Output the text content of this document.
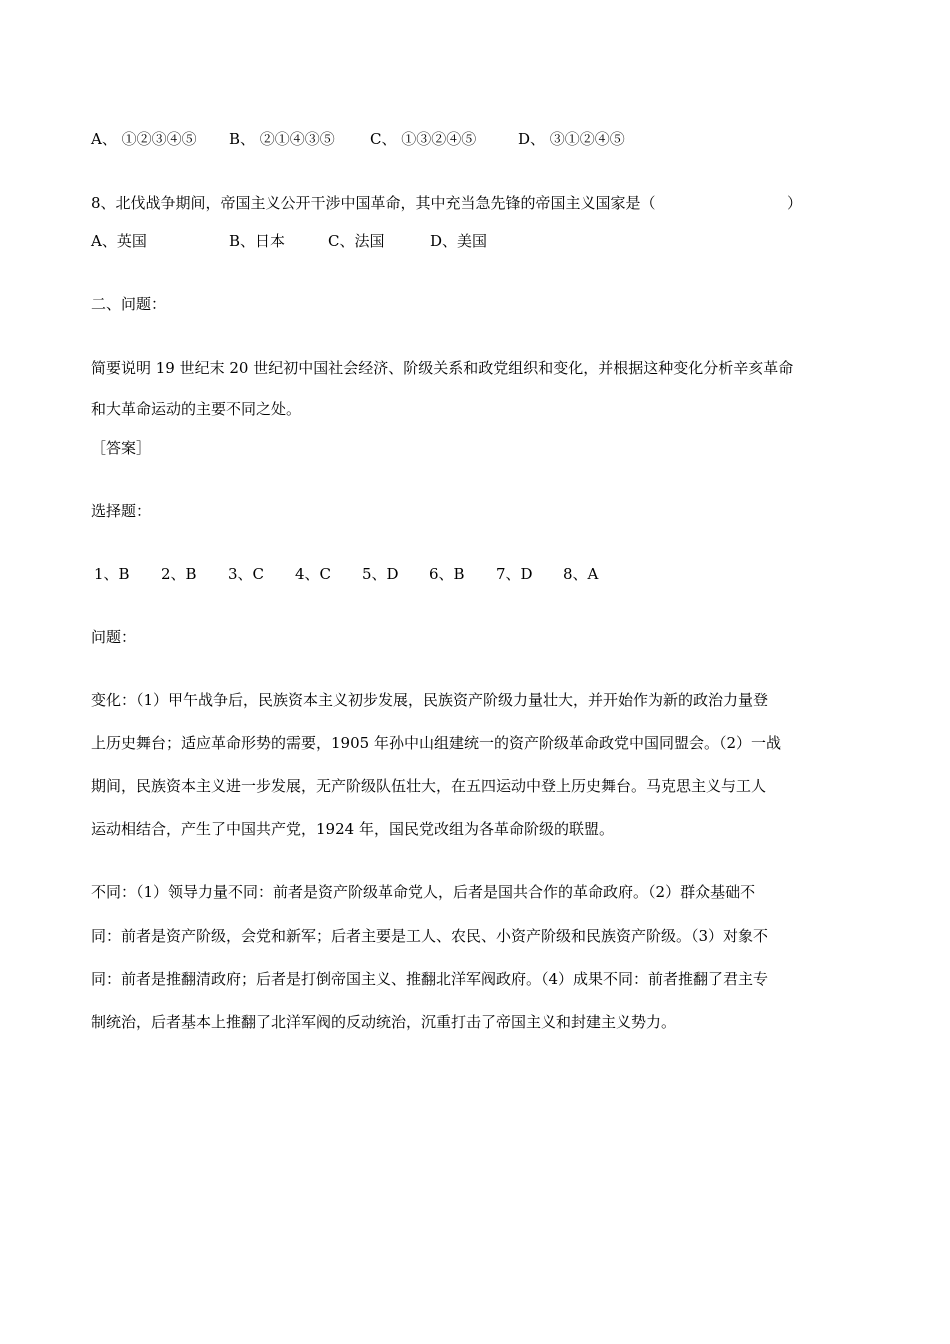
A、 ①②③④⑤ B、 ②①④③⑤ C、 ①③②④⑤	D、 ③①②④⑤
8、北伐战争期间，帝国主义公开干涉中国革命，其中充当急先锋的帝国主义国家是（	）
A、英国	B、日本	C、法国	D、美国
二、问题：
简要说明 19 世纪末 20 世纪初中国社会经济、阶级关系和政党组织和变化，并根据这种变化分析辛亥革命
和大革命运动的主要不同之处。
［答案］
选择题：
1、B 2、B 3、C 4、C 5、D 6、B 7、D 8、A
问题：
变化：（1）甲午战争后，民族资本主义初步发展，民族资产阶级力量壮大，并开始作为新的政治力量登
上历史舞台；适应革命形势的需要，1905 年孙中山组建统一的资产阶级革命政党中国同盟会。（2）一战
期间，民族资本主义进一步发展，无产阶级队伍壮大，在五四运动中登上历史舞台。马克思主义与工人
运动相结合，产生了中国共产党，1924 年，国民党改组为各革命阶级的联盟。
不同：（1）领导力量不同：前者是资产阶级革命党人，后者是国共合作的革命政府。（2）群众基础不
同：前者是资产阶级，会党和新军；后者主要是工人、农民、小资产阶级和民族资产阶级。（3）对象不
同：前者是推翻清政府；后者是打倒帝国主义、推翻北洋军阀政府。（4）成果不同：前者推翻了君主专
制统治，后者基本上推翻了北洋军阀的反动统治，沉重打击了帝国主义和封建主义势力。
